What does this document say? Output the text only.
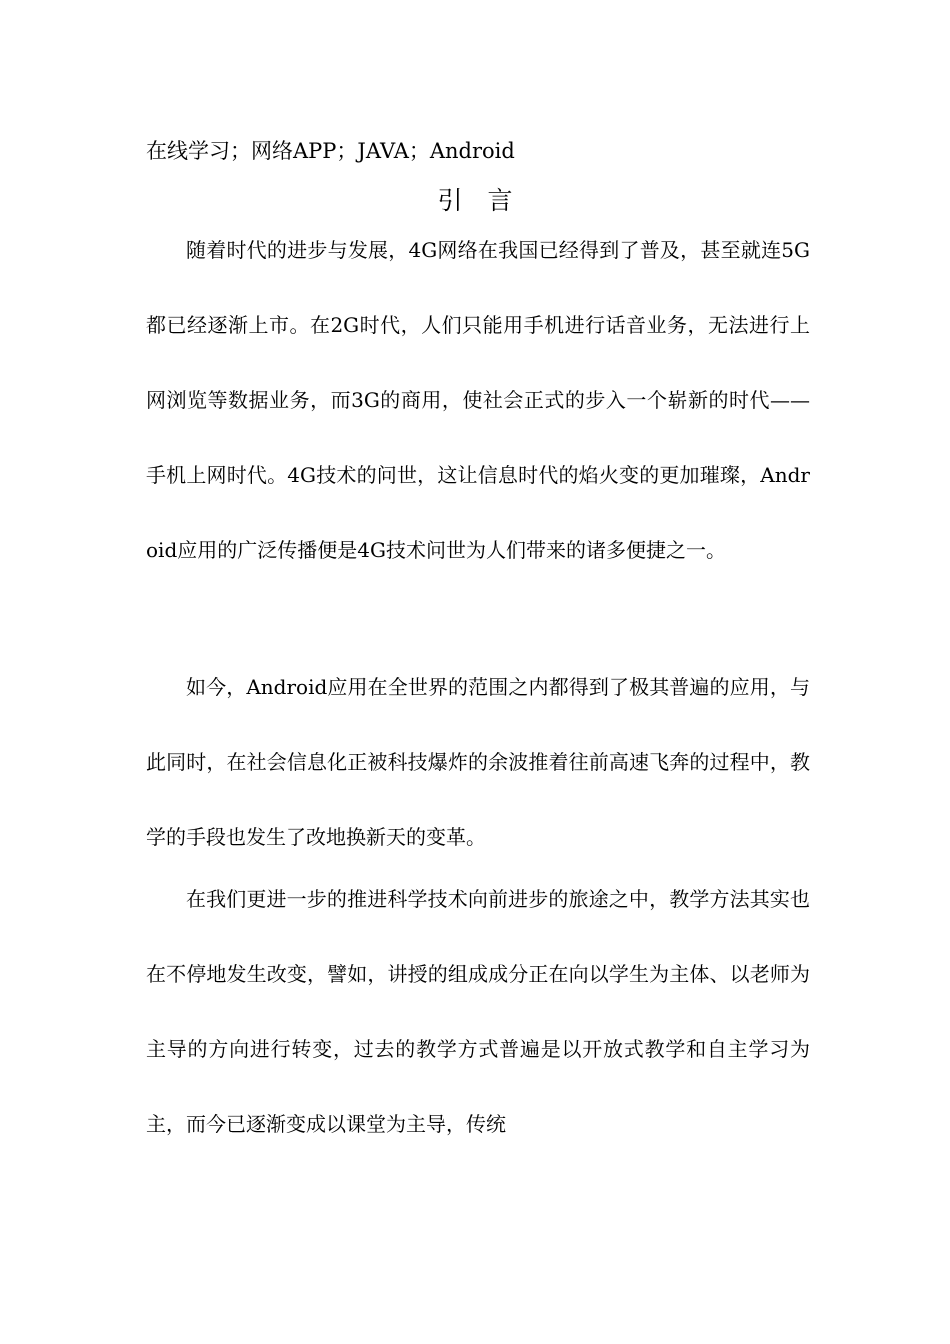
在线学习；网络APP；JAVA；Android
引　言

随着时代的进步与发展，4G网络在我国已经得到了普及，甚至就连5G都已经逐渐上市。在2G时代，人们只能用手机进行话音业务，无法进行上网浏览等数据业务，而3G的商用，使社会正式的步入一个崭新的时代——手机上网时代。4G技术的问世，这让信息时代的焰火变的更加璀璨，Android应用的广泛传播便是4G技术问世为人们带来的诸多便捷之一。

如今，Android应用在全世界的范围之内都得到了极其普遍的应用，与此同时，在社会信息化正被科技爆炸的余波推着往前高速飞奔的过程中，教学的手段也发生了改地换新天的变革。

在我们更进一步的推进科学技术向前进步的旅途之中，教学方法其实也在不停地发生改变，譬如，讲授的组成成分正在向以学生为主体、以老师为主导的方向进行转变，过去的教学方式普遍是以开放式教学和自主学习为主，而今已逐渐变成以课堂为主导，传统
